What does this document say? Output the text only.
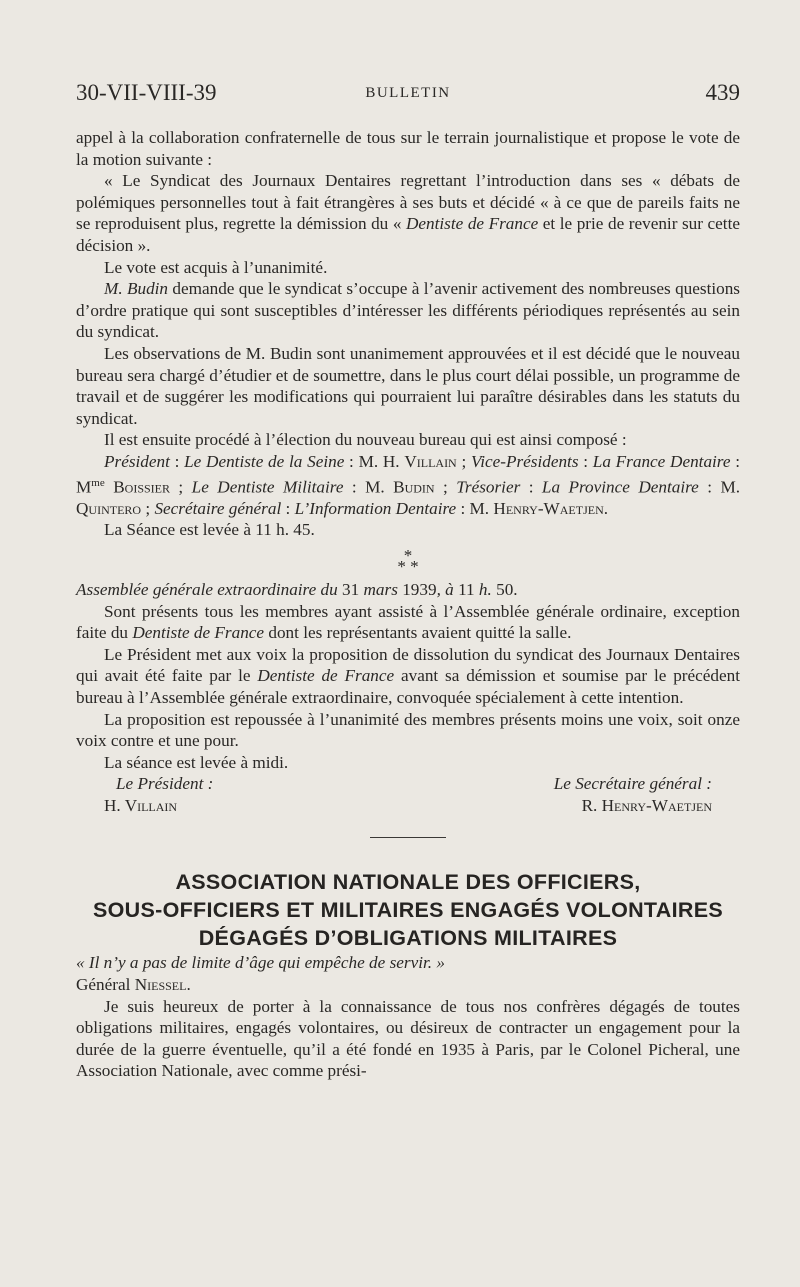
30-VII-VIII-39	BULLETIN	439

appel à la collaboration confraternelle de tous sur le terrain journalistique et propose le vote de la motion suivante :

« Le Syndicat des Journaux Dentaires regrettant l’introduction dans ses « débats de polémiques personnelles tout à fait étrangères à ses buts et décidé « à ce que de pareils faits ne se reproduisent plus, regrette la démission du « Dentiste de France et le prie de revenir sur cette décision ».

Le vote est acquis à l’unanimité.

M. Budin demande que le syndicat s’occupe à l’avenir activement des nombreuses questions d’ordre pratique qui sont susceptibles d’intéresser les différents périodiques représentés au sein du syndicat.

Les observations de M. Budin sont unanimement approuvées et il est décidé que le nouveau bureau sera chargé d’étudier et de soumettre, dans le plus court délai possible, un programme de travail et de suggérer les modifications qui pourraient lui paraître désirables dans les statuts du syndicat.

Il est ensuite procédé à l’élection du nouveau bureau qui est ainsi composé :

Président : Le Dentiste de la Seine : M. H. Villain ; Vice-Présidents : La France Dentaire : $M^{me}$ Boissier ; Le Dentiste Militaire : M. Budin ; Trésorier : La Province Dentaire : M. Quintero ; Secrétaire général : L’Information Dentaire : M. Henry-Waetjen.

La Séance est levée à 11 h. 45.

*
* *

Assemblée générale extraordinaire du 31 mars 1939, à 11 h. 50.

Sont présents tous les membres ayant assisté à l’Assemblée générale ordinaire, exception faite du Dentiste de France dont les représentants avaient quitté la salle.

Le Président met aux voix la proposition de dissolution du syndicat des Journaux Dentaires qui avait été faite par le Dentiste de France avant sa démission et soumise par le précédent bureau à l’Assemblée générale extraordinaire, convoquée spécialement à cette intention.

La proposition est repoussée à l’unanimité des membres présents moins une voix, soit onze voix contre et une pour.

La séance est levée à midi.

Le Président :	Le Secrétaire général :
H. Villain	R. Henry-Waetjen
ASSOCIATION NATIONALE DES OFFICIERS,
SOUS-OFFICIERS ET MILITAIRES ENGAGÉS VOLONTAIRES
DÉGAGÉS D’OBLIGATIONS MILITAIRES

« Il n’y a pas de limite d’âge qui empêche de servir. »

Général Niessel.

Je suis heureux de porter à la connaissance de tous nos confrères dégagés de toutes obligations militaires, engagés volontaires, ou désireux de contracter un engagement pour la durée de la guerre éventuelle, qu’il a été fondé en 1935 à Paris, par le Colonel Picheral, une Association Nationale, avec comme prési-
